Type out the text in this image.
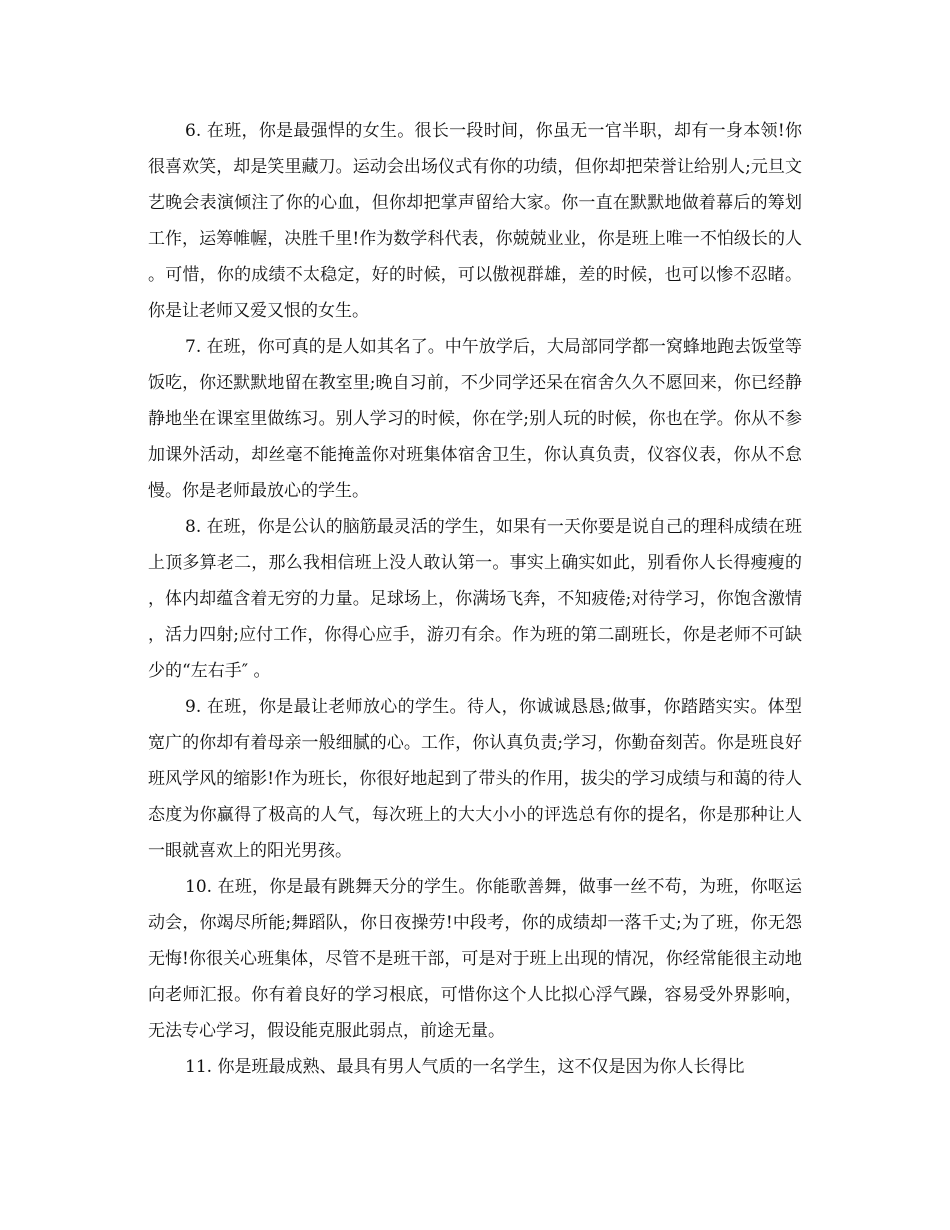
6. 在班，你是最强悍的女生。很长一段时间，你虽无一官半职，却有一身本领!你很喜欢笑，却是笑里藏刀。运动会出场仪式有你的功绩，但你却把荣誉让给别人;元旦文艺晚会表演倾注了你的心血，但你却把掌声留给大家。你一直在默默地做着幕后的筹划工作，运筹帷幄，决胜千里!作为数学科代表，你兢兢业业，你是班上唯一不怕级长的人。可惜，你的成绩不太稳定，好的时候，可以傲视群雄，差的时候，也可以惨不忍睹。你是让老师又爱又恨的女生。

7. 在班，你可真的是人如其名了。中午放学后，大局部同学都一窝蜂地跑去饭堂等饭吃，你还默默地留在教室里;晚自习前，不少同学还呆在宿舍久久不愿回来，你已经静静地坐在课室里做练习。别人学习的时候，你在学;别人玩的时候，你也在学。你从不参加课外活动，却丝毫不能掩盖你对班集体宿舍卫生，你认真负责，仪容仪表，你从不怠慢。你是老师最放心的学生。

8. 在班，你是公认的脑筋最灵活的学生，如果有一天你要是说自己的理科成绩在班上顶多算老二，那么我相信班上没人敢认第一。事实上确实如此，别看你人长得瘦瘦的，体内却蕴含着无穷的力量。足球场上，你满场飞奔，不知疲倦;对待学习，你饱含激情，活力四射;应付工作，你得心应手，游刃有余。作为班的第二副班长，你是老师不可缺少的“左右手″ 。

9. 在班，你是最让老师放心的学生。待人，你诚诚恳恳;做事，你踏踏实实。体型宽广的你却有着母亲一般细腻的心。工作，你认真负责;学习，你勤奋刻苦。你是班良好班风学风的缩影!作为班长，你很好地起到了带头的作用，拔尖的学习成绩与和蔼的待人态度为你赢得了极高的人气，每次班上的大大小小的评选总有你的提名，你是那种让人一眼就喜欢上的阳光男孩。

10. 在班，你是最有跳舞天分的学生。你能歌善舞，做事一丝不苟，为班，你呕运动会，你竭尽所能;舞蹈队，你日夜操劳!中段考，你的成绩却一落千丈;为了班，你无怨无悔!你很关心班集体，尽管不是班干部，可是对于班上出现的情况，你经常能很主动地向老师汇报。你有着良好的学习根底，可惜你这个人比拟心浮气躁，容易受外界影响，无法专心学习，假设能克服此弱点，前途无量。

11. 你是班最成熟、最具有男人气质的一名学生，这不仅是因为你人长得比
